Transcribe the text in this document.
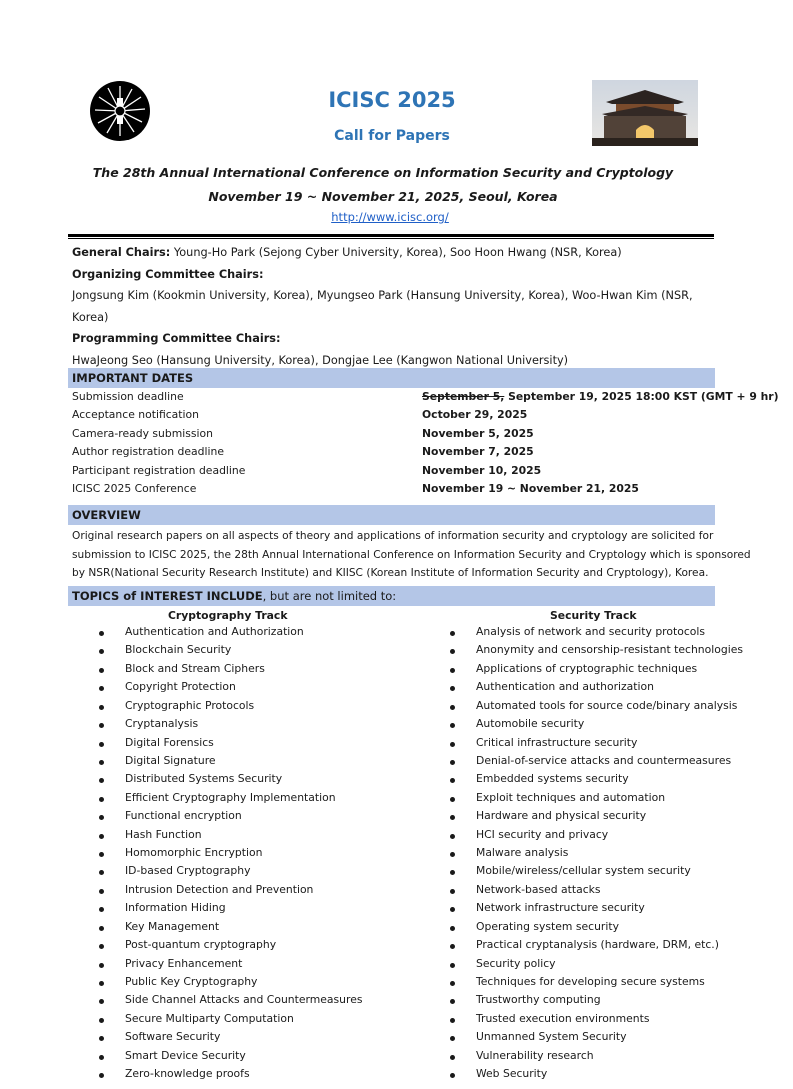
ICISC 2025
Call for Papers
The 28th Annual International Conference on Information Security and Cryptology
November 19 ~ November 21, 2025, Seoul, Korea
http://www.icisc.org/
General Chairs: Young-Ho Park (Sejong Cyber University, Korea), Soo Hoon Hwang (NSR, Korea)
Organizing Committee Chairs:
Jongsung Kim (Kookmin University, Korea), Myungseo Park (Hansung University, Korea), Woo-Hwan Kim (NSR, Korea)
Programming Committee Chairs:
HwaJeong Seo (Hansung University, Korea), Dongjae Lee (Kangwon National University)
IMPORTANT DATES
Submission deadline	September 5, September 19, 2025 18:00 KST (GMT + 9 hr)
Acceptance notification	October 29, 2025
Camera-ready submission	November 5, 2025
Author registration deadline	November 7, 2025
Participant registration deadline	November 10, 2025
ICISC 2025 Conference	November 19 ~ November 21, 2025
OVERVIEW
Original research papers on all aspects of theory and applications of information security and cryptology are solicited for
submission to ICISC 2025, the 28th Annual International Conference on Information Security and Cryptology which is sponsored
by NSR(National Security Research Institute) and KIISC (Korean Institute of Information Security and Cryptology), Korea.
TOPICS of INTEREST INCLUDE, but are not limited to:
Cryptography Track	Security Track
Authentication and Authorization
Blockchain Security
Block and Stream Ciphers
Copyright Protection
Cryptographic Protocols
Cryptanalysis
Digital Forensics
Digital Signature
Distributed Systems Security
Efficient Cryptography Implementation
Functional encryption
Hash Function
Homomorphic Encryption
ID-based Cryptography
Intrusion Detection and Prevention
Information Hiding
Key Management
Post-quantum cryptography
Privacy Enhancement
Public Key Cryptography
Side Channel Attacks and Countermeasures
Secure Multiparty Computation
Software Security
Smart Device Security
Zero-knowledge proofs
Analysis of network and security protocols
Anonymity and censorship-resistant technologies
Applications of cryptographic techniques
Authentication and authorization
Automated tools for source code/binary analysis
Automobile security
Critical infrastructure security
Denial-of-service attacks and countermeasures
Embedded systems security
Exploit techniques and automation
Hardware and physical security
HCI security and privacy
Malware analysis
Mobile/wireless/cellular system security
Network-based attacks
Network infrastructure security
Operating system security
Practical cryptanalysis (hardware, DRM, etc.)
Security policy
Techniques for developing secure systems
Trustworthy computing
Trusted execution environments
Unmanned System Security
Vulnerability research
Web Security
